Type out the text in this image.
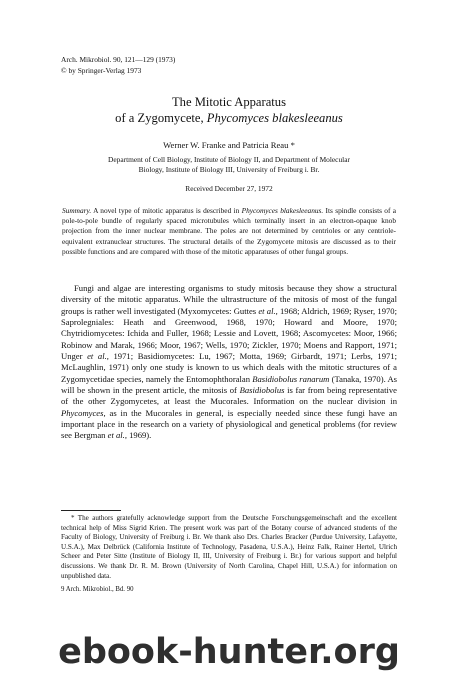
Arch. Mikrobiol. 90, 121—129 (1973)
© by Springer-Verlag 1973
The Mitotic Apparatus
of a Zygomycete, Phycomyces blakesleeanus
Werner W. Franke and Patricia Reau *
Department of Cell Biology, Institute of Biology II, and Department of Molecular
Biology, Institute of Biology III, University of Freiburg i. Br.
Received December 27, 1972
Summary. A novel type of mitotic apparatus is described in Phycomyces blakesleeanus. Its spindle consists of a pole-to-pole bundle of regularly spaced microtubules which terminally insert in an electron-opaque knob projection from the inner nuclear membrane. The poles are not determined by centrioles or any centriole-equivalent extranuclear structures. The structural details of the Zygomycete mitosis are discussed as to their possible functions and are compared with those of the mitotic apparatuses of other fungal groups.

Fungi and algae are interesting organisms to study mitosis because they show a structural diversity of the mitotic apparatus. While the ultrastructure of the mitosis of most of the fungal groups is rather well investigated (Myxomycetes: Guttes et al., 1968; Aldrich, 1969; Ryser, 1970; Saprolegniales: Heath and Greenwood, 1968, 1970; Howard and Moore, 1970; Chytridiomycetes: Ichida and Fuller, 1968; Lessie and Lovett, 1968; Ascomycetes: Moor, 1966; Robinow and Marak, 1966; Moor, 1967; Wells, 1970; Zickler, 1970; Moens and Rapport, 1971; Unger et al., 1971; Basidiomycetes: Lu, 1967; Motta, 1969; Girbardt, 1971; Lerbs, 1971; McLaughlin, 1971) only one study is known to us which deals with the mitotic structures of a Zygomycetidae species, namely the Entomophthoralan Basidiobolus ranarum (Tanaka, 1970). As will be shown in the present article, the mitosis of Basidiobolus is far from being representative of the other Zygomycetes, at least the Mucorales. Information on the nuclear division in Phycomyces, as in the Mucorales in general, is especially needed since these fungi have an important place in the research on a variety of physiological and genetical problems (for review see Bergman et al., 1969).

* The authors gratefully acknowledge support from the Deutsche Forschungsgemeinschaft and the excellent technical help of Miss Sigrid Krien. The present work was part of the Botany course of advanced students of the Faculty of Biology, University of Freiburg i. Br. We thank also Drs. Charles Bracker (Purdue University, Lafayette, U.S.A.), Max Delbrück (California Institute of Technology, Pasadena, U.S.A.), Heinz Falk, Rainer Hertel, Ulrich Scheer and Peter Sitte (Institute of Biology II, III, University of Freiburg i. Br.) for various support and helpful discussions. We thank Dr. R. M. Brown (University of North Carolina, Chapel Hill, U.S.A.) for information on unpublished data.

9 Arch. Mikrobiol., Bd. 90
ebook-hunter.org
